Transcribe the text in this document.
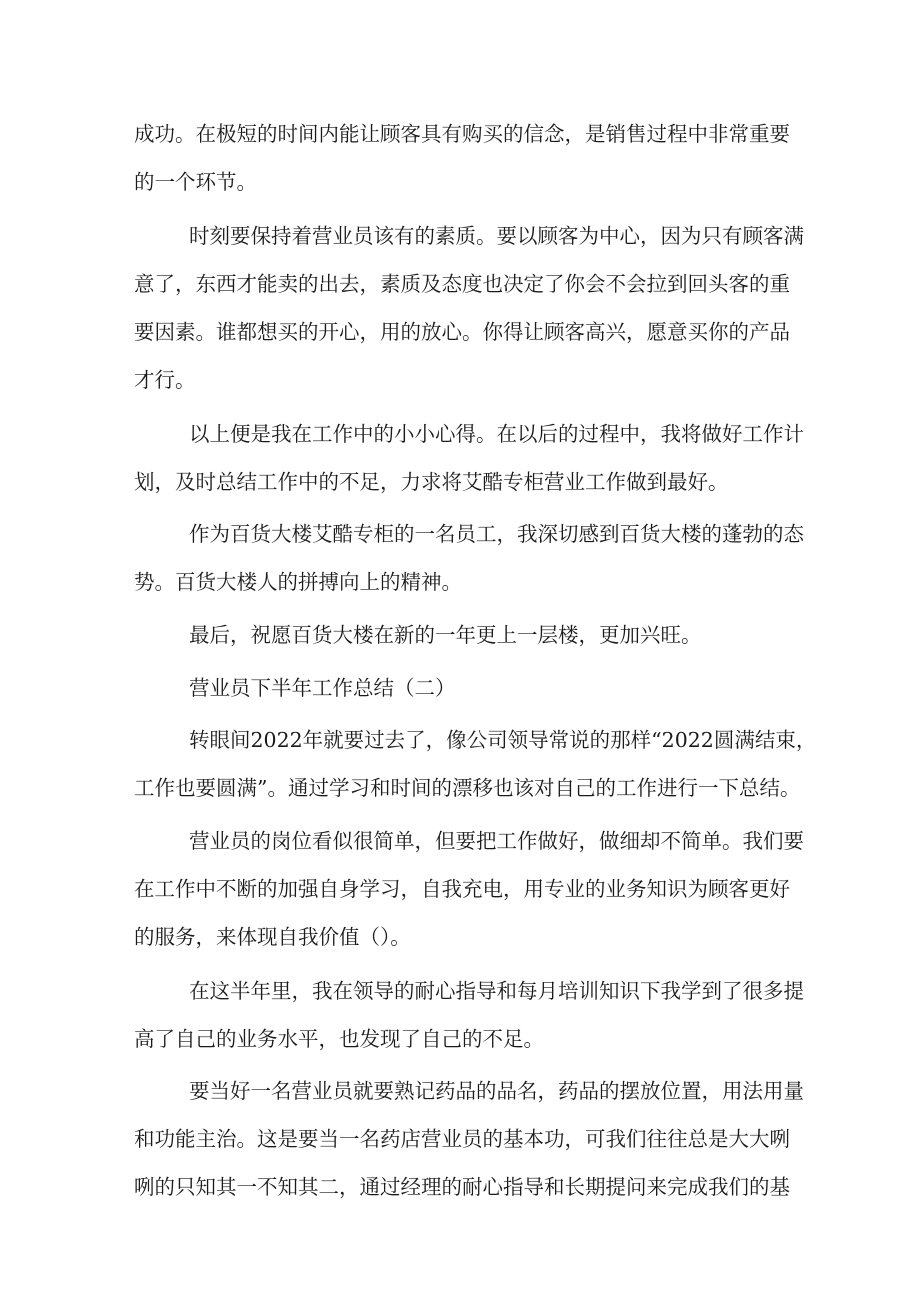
成功。在极短的时间内能让顾客具有购买的信念，是销售过程中非常重要

的一个环节。

时刻要保持着营业员该有的素质。要以顾客为中心，因为只有顾客满

意了，东西才能卖的出去，素质及态度也决定了你会不会拉到回头客的重

要因素。谁都想买的开心，用的放心。你得让顾客高兴，愿意买你的产品

才行。

以上便是我在工作中的小小心得。在以后的过程中，我将做好工作计

划，及时总结工作中的不足，力求将艾酷专柜营业工作做到最好。

作为百货大楼艾酷专柜的一名员工，我深切感到百货大楼的蓬勃的态

势。百货大楼人的拼搏向上的精神。

最后，祝愿百货大楼在新的一年更上一层楼，更加兴旺。

营业员下半年工作总结（二）

转眼间2022年就要过去了，像公司领导常说的那样“2022圆满结束，

工作也要圆满”。通过学习和时间的漂移也该对自己的工作进行一下总结。

营业员的岗位看似很简单，但要把工作做好，做细却不简单。我们要

在工作中不断的加强自身学习，自我充电，用专业的业务知识为顾客更好

的服务，来体现自我价值（）。

在这半年里，我在领导的耐心指导和每月培训知识下我学到了很多提

高了自己的业务水平，也发现了自己的不足。

要当好一名营业员就要熟记药品的品名，药品的摆放位置，用法用量

和功能主治。这是要当一名药店营业员的基本功，可我们往往总是大大咧

咧的只知其一不知其二，通过经理的耐心指导和长期提问来完成我们的基
